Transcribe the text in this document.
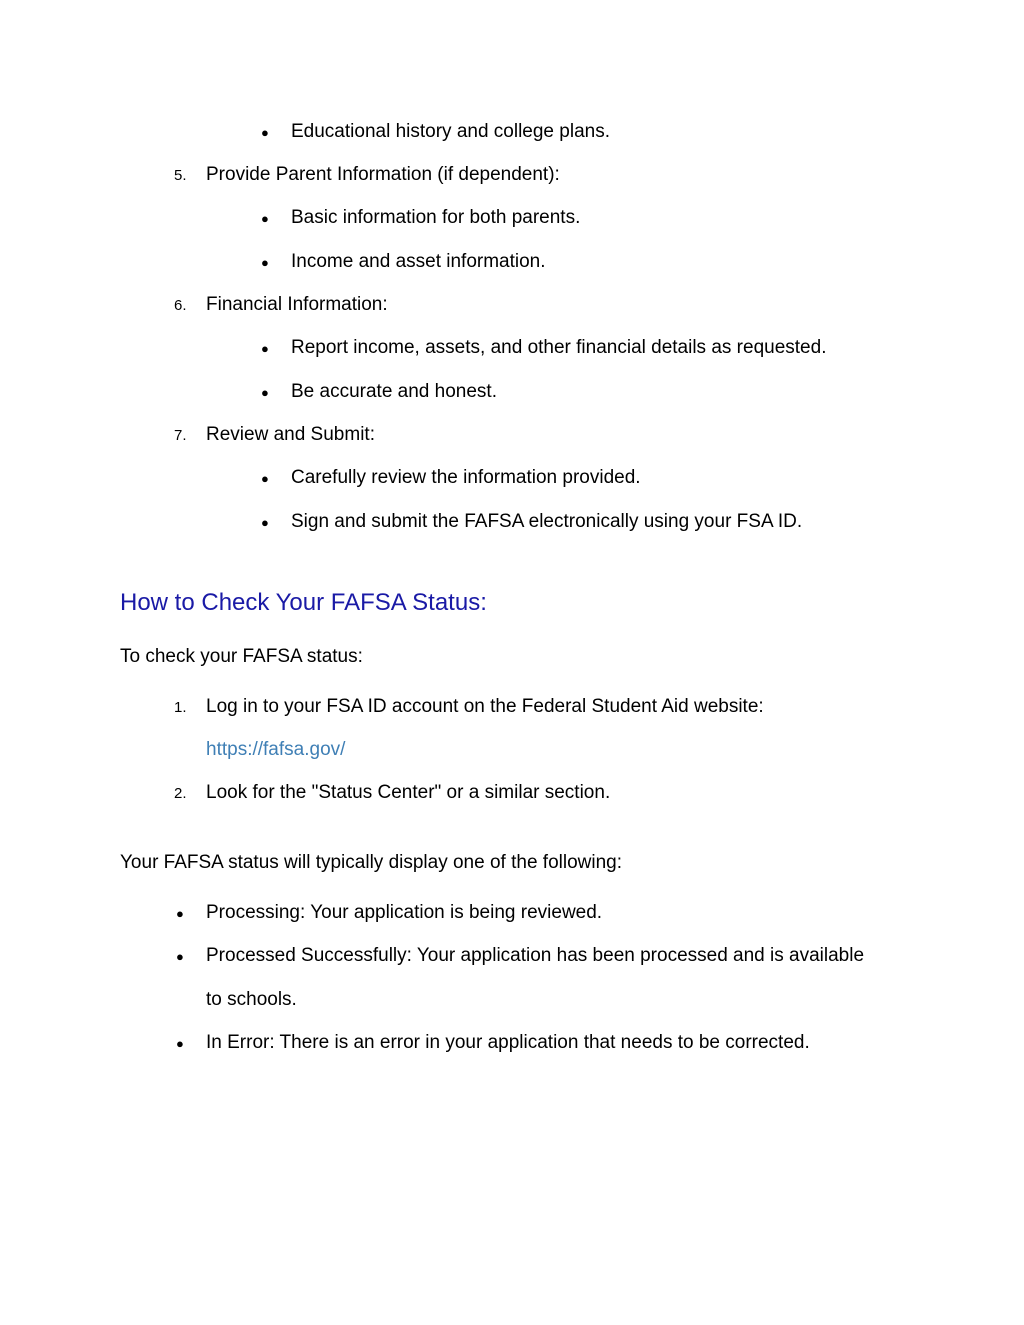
● Educational history and college plans.
5. Provide Parent Information (if dependent):
● Basic information for both parents.
● Income and asset information.
6. Financial Information:
● Report income, assets, and other financial details as requested.
● Be accurate and honest.
7. Review and Submit:
● Carefully review the information provided.
● Sign and submit the FAFSA electronically using your FSA ID.
How to Check Your FAFSA Status:
To check your FAFSA status:
1. Log in to your FSA ID account on the Federal Student Aid website:
https://fafsa.gov/
2. Look for the "Status Center" or a similar section.
Your FAFSA status will typically display one of the following:
● Processing: Your application is being reviewed.
● Processed Successfully: Your application has been processed and is available
to schools.
● In Error: There is an error in your application that needs to be corrected.
